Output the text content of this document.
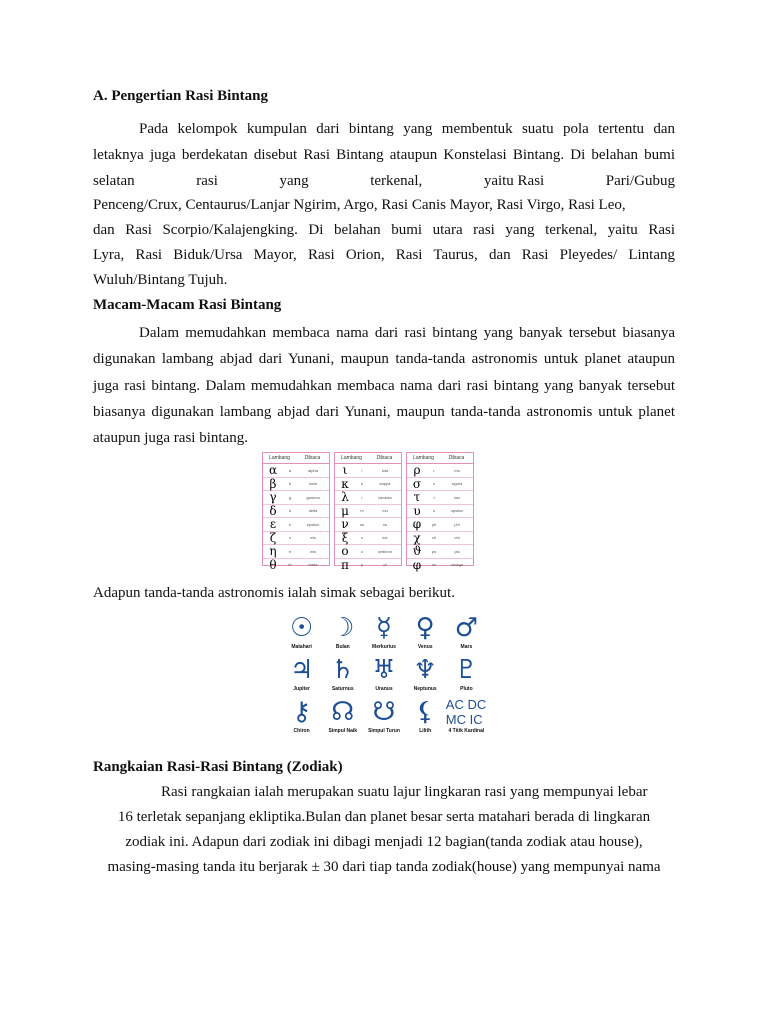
A. Pengertian Rasi Bintang
Pada kelompok kumpulan dari bintang yang membentuk suatu pola tertentu dan
letaknya juga berdekatan disebut Rasi Bintang ataupun Konstelasi Bintang. Di belahan bumi
selatan	rasi	yang	terkenal,	yaitu Rasi	Pari/Gubug
Penceng/Crux, Centaurus/Lanjar Ngirim, Argo, Rasi Canis Mayor, Rasi Virgo, Rasi Leo,
dan Rasi Scorpio/Kalajengking. Di belahan bumi utara rasi yang terkenal, yaitu Rasi
Lyra, Rasi Biduk/Ursa Mayor, Rasi Orion, Rasi Taurus, dan Rasi Pleyedes/ Lintang
Wuluh/Bintang Tujuh.
Macam-Macam Rasi Bintang
Dalam memudahkan membaca nama dari rasi bintang yang banyak tersebut biasanya digunakan lambang abjad dari Yunani, maupun tanda-tanda astronomis untuk planet ataupun juga rasi bintang. Dalam memudahkan membaca nama dari rasi bintang yang banyak tersebut biasanya digunakan lambang abjad dari Yunani, maupun tanda-tanda astronomis untuk planet ataupun juga rasi bintang.
Adapun tanda-tanda astronomis ialah simak sebagai berikut.
Rangkaian Rasi-Rasi Bintang (Zodiak)
Rasi rangkaian ialah merupakan suatu lajur lingkaran rasi yang mempunyai lebar
16 terletak sepanjang ekliptika.Bulan dan planet besar serta matahari berada di lingkaran
zodiak ini. Adapun dari zodiak ini dibagi menjadi 12 bagian(tanda zodiak atau house),
masing-masing tanda itu berjarak ± 30 dari tiap tanda zodiak(house) yang mempunyai nama
Lambang	Dibaca
α	a	alpha
β	b	beta
γ	g	gamma
δ	d	delta
ε	e	epsilon
ζ	z	eta
η	e	eta
θ	th	theta
Lambang	Dibaca
ι	i	iota
κ	k	kappa
λ	l	lambda
μ	m	mu
ν	nu	nu
ξ	x	ksi
ο	o	omikron
π	p	pi
Lambang	Dibaca
ρ	r	rho
σ	s	sigma
τ	t	tau
υ	u	upsilon
φ	ph	phi
χ	ch	chi
ϑ	ps	psi
φ	oo	omega
☉
Matahari
☽
Bulan
☿
Merkurius
♀
Venus
♂
Mars
♃
Jupiter
♄
Saturnus
♅
Uranus
♆
Neptunus
♇
Pluto
⚷
Chiron
☊
Simpul Naik
☋
Simpul Turun
⚸
Lilith
AC DC MC IC
4 Titik Kardinal
